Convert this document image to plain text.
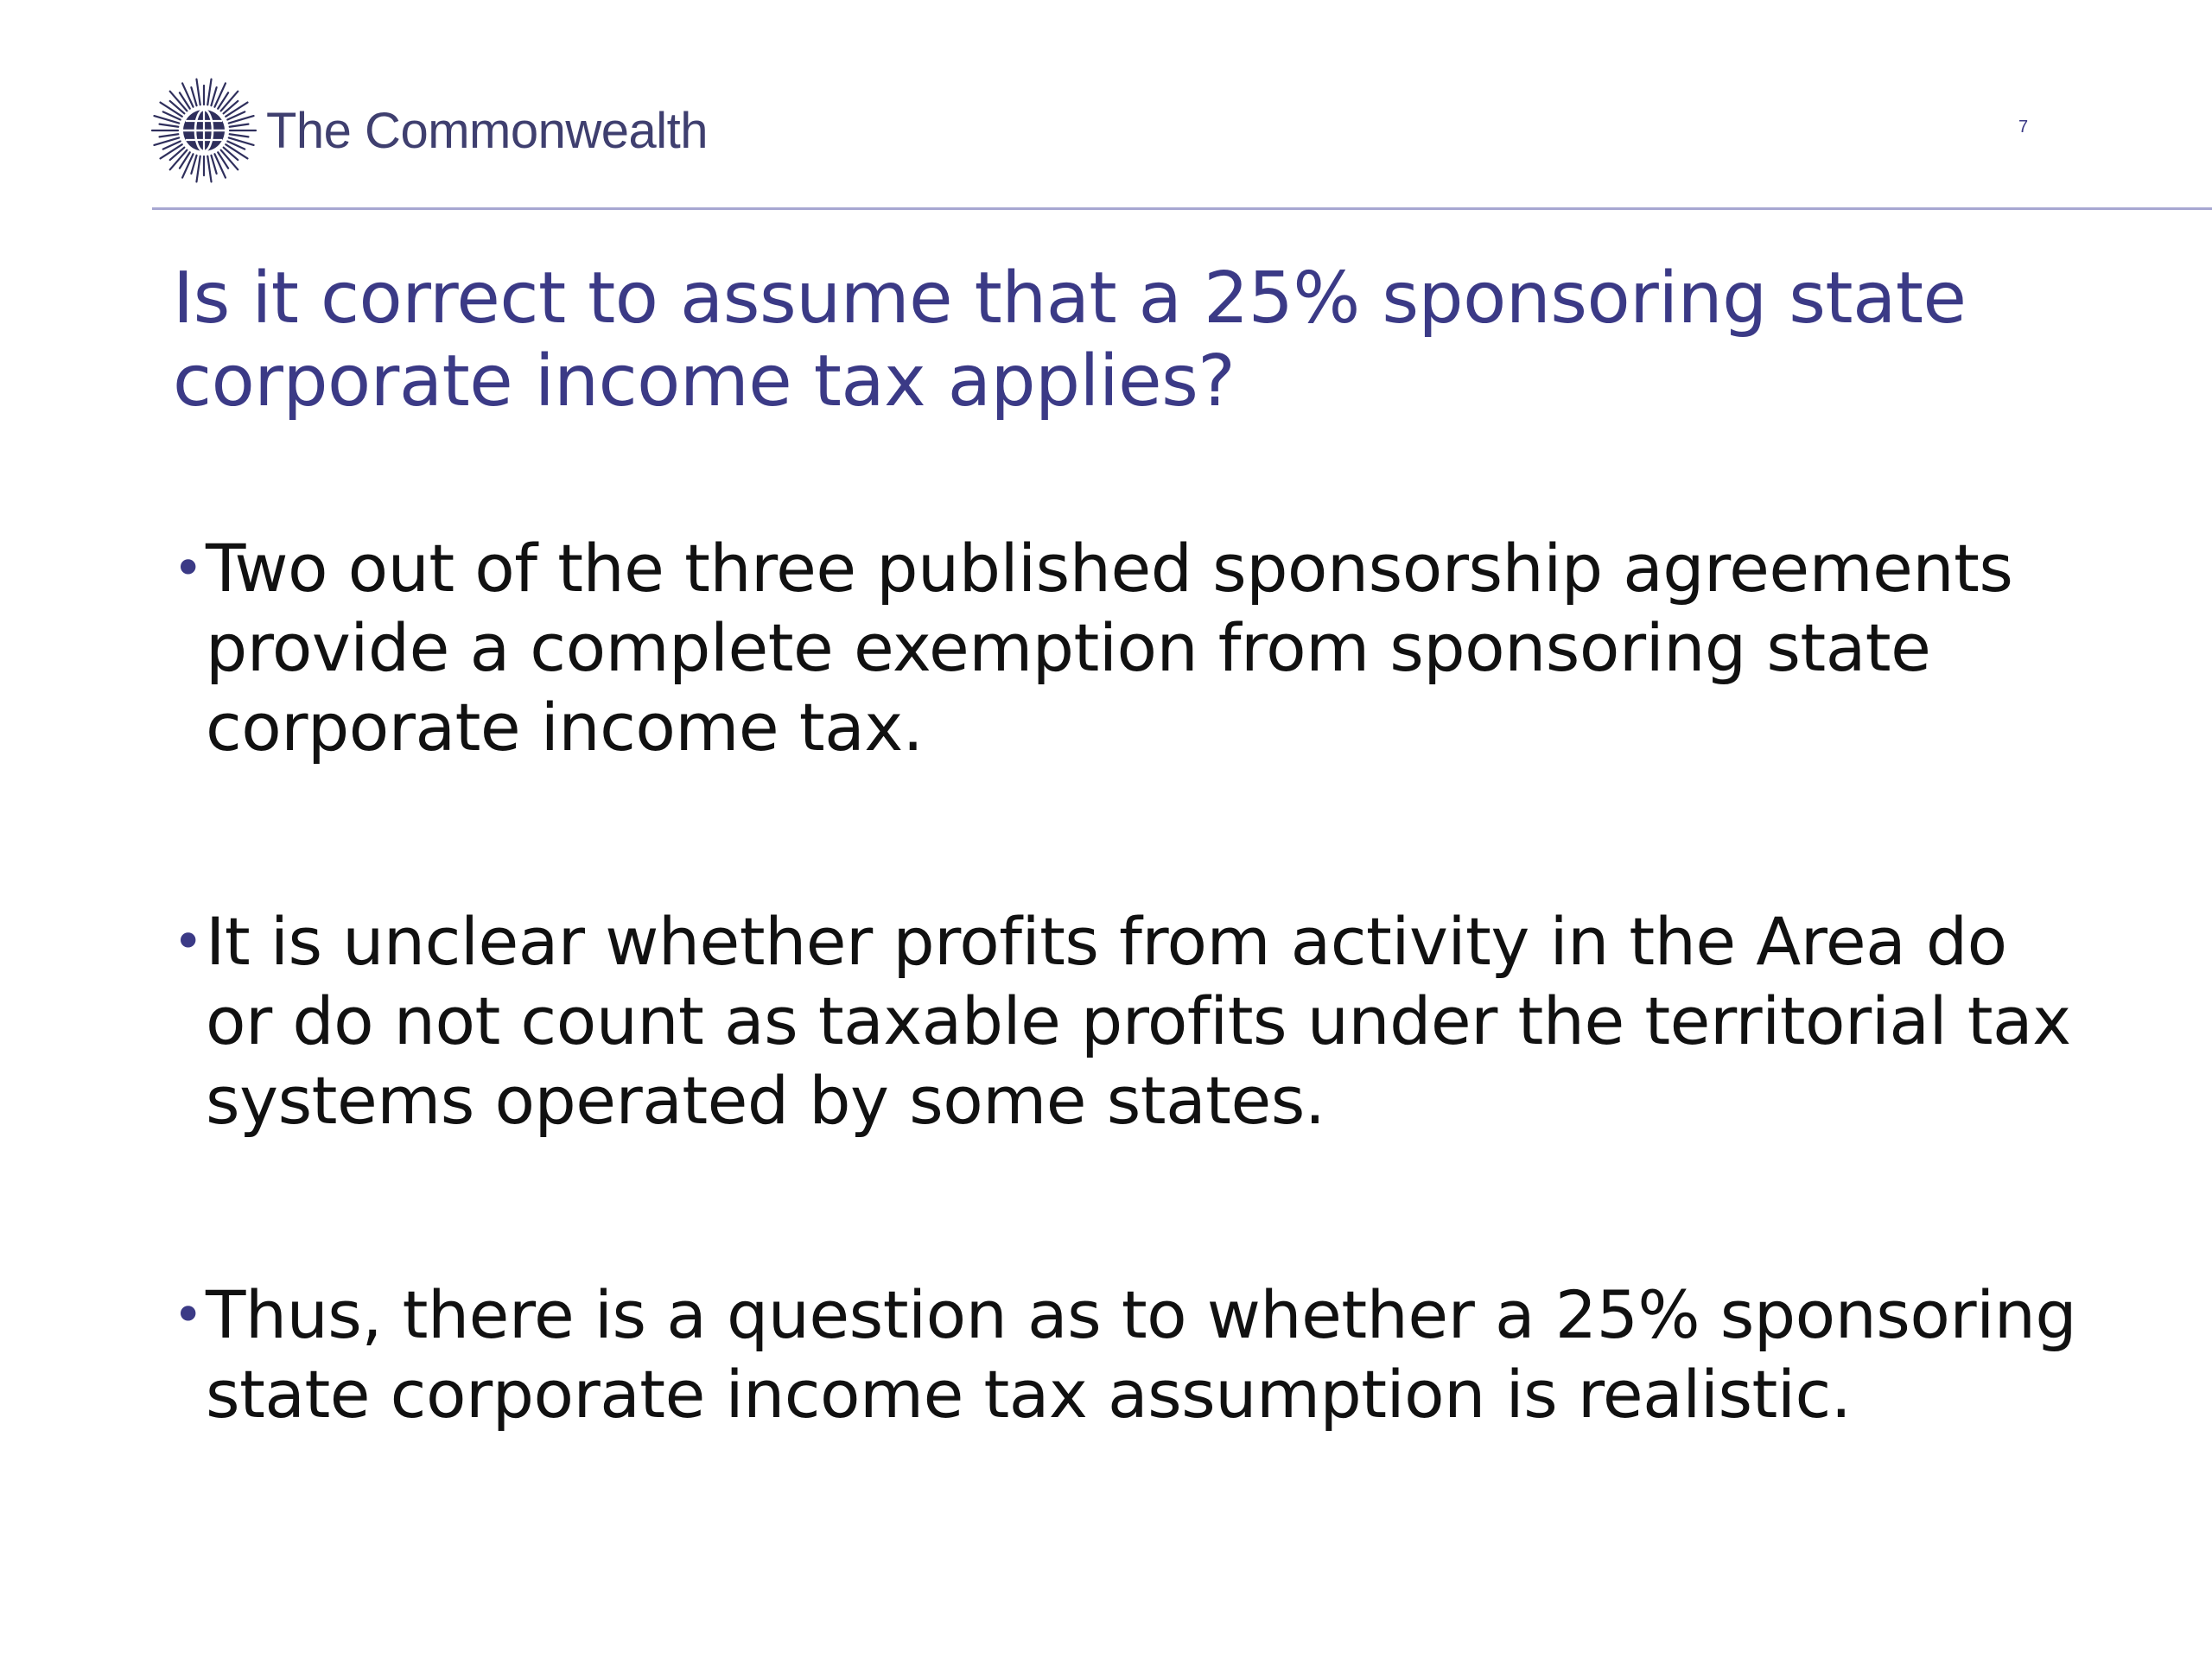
The Commonwealth	7
Is it correct to assume that a 25% sponsoring state corporate income tax applies?
• Two out of the three published sponsorship agreements provide a complete exemption from sponsoring state corporate income tax.
• It is unclear whether profits from activity in the Area do or do not count as taxable profits under the territorial tax systems operated by some states.
• Thus, there is a question as to whether a 25% sponsoring state corporate income tax assumption is realistic.
